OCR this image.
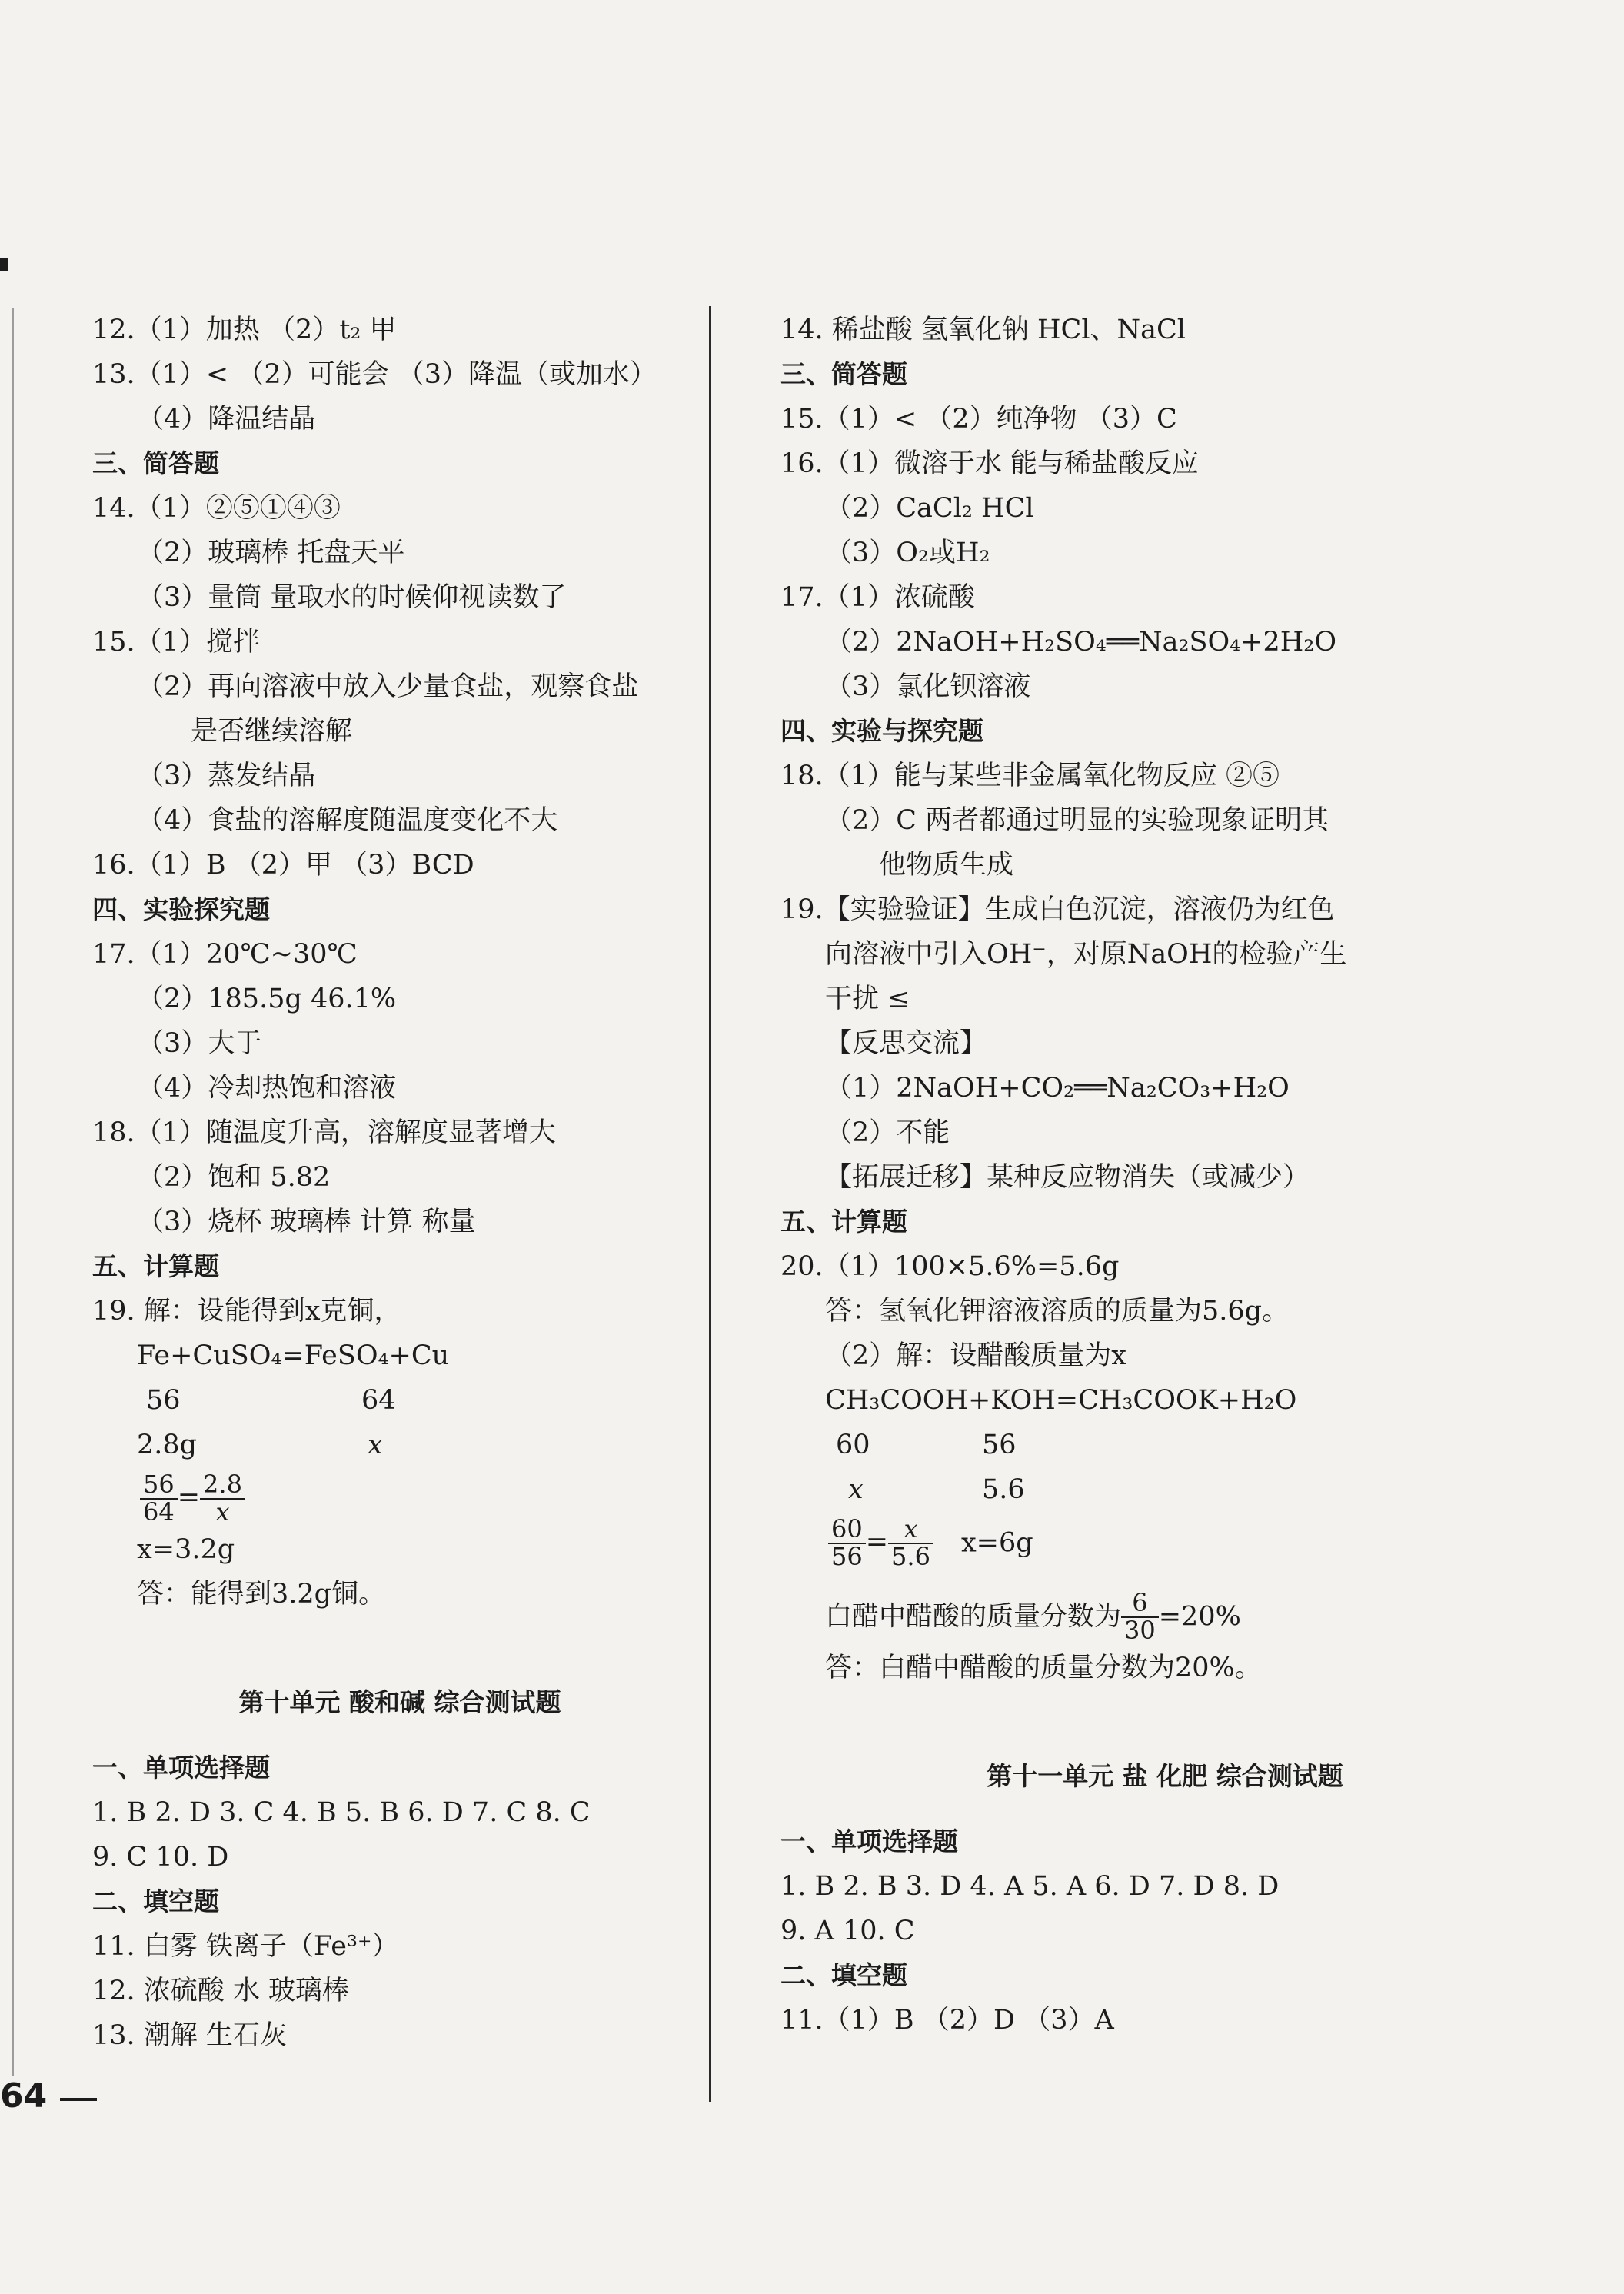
12.（1）加热 （2）t₂ 甲
13.（1）< （2）可能会 （3）降温（或加水）
（4）降温结晶
三、简答题
14.（1）②⑤①④③
（2）玻璃棒 托盘天平
（3）量筒 量取水的时候仰视读数了
15.（1）搅拌
（2）再向溶液中放入少量食盐，观察食盐
是否继续溶解
（3）蒸发结晶
（4）食盐的溶解度随温度变化不大
16.（1）B （2）甲 （3）BCD
四、实验探究题
17.（1）20℃~30℃
（2）185.5g 46.1%
（3）大于
（4）冷却热饱和溶液
18.（1）随温度升高，溶解度显著增大
（2）饱和 5.82
（3）烧杯 玻璃棒 计算 称量
五、计算题
19. 解：设能得到x克铜，
Fe+CuSO₄=FeSO₄+Cu
56	64
2.8g	x
$\frac{56}{64} = \frac{2.8}{x}$
x=3.2g
答：能得到3.2g铜。
第十单元 酸和碱 综合测试题
一、单项选择题
1. B 2. D 3. C 4. B 5. B 6. D 7. C 8. C
9. C 10. D
二、填空题
11. 白雾 铁离子（Fe³⁺）
12. 浓硫酸 水 玻璃棒
13. 潮解 生石灰
14. 稀盐酸 氢氧化钠 HCl、NaCl
三、简答题
15.（1）< （2）纯净物 （3）C
16.（1）微溶于水 能与稀盐酸反应
（2）CaCl₂ HCl
（3）O₂或H₂
17.（1）浓硫酸
（2）2NaOH+H₂SO₄══Na₂SO₄+2H₂O
（3）氯化钡溶液
四、实验与探究题
18.（1）能与某些非金属氧化物反应 ②⑤
（2）C 两者都通过明显的实验现象证明其
他物质生成
19.【实验验证】生成白色沉淀，溶液仍为红色
向溶液中引入OH⁻，对原NaOH的检验产生
干扰 ≤
【反思交流】
（1）2NaOH+CO₂══Na₂CO₃+H₂O
（2）不能
【拓展迁移】某种反应物消失（或减少）
五、计算题
20.（1）100×5.6%=5.6g
答：氢氧化钾溶液溶质的质量为5.6g。
（2）解：设醋酸质量为x
CH₃COOH+KOH=CH₃COOK+H₂O
60	56
x	5.6
$\frac{60}{56} = \frac{x}{5.6} x=6g$
白醋中醋酸的质量分数为 $\frac{6}{30} =20\%$
答：白醋中醋酸的质量分数为20%。
第十一单元 盐 化肥 综合测试题
一、单项选择题
1. B 2. B 3. D 4. A 5. A 6. D 7. D 8. D
9. A 10. C
二、填空题
11.（1）B （2）D （3）A
64
